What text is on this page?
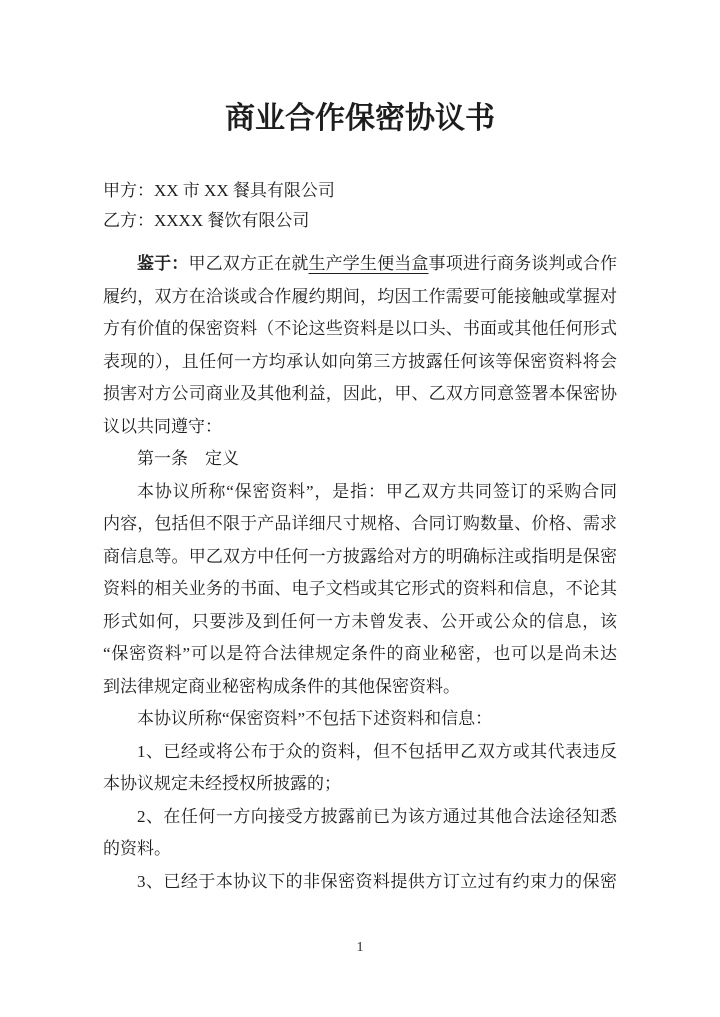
商业合作保密协议书
甲方：XX 市 XX 餐具有限公司
乙方：XXXX 餐饮有限公司
鉴于：甲乙双方正在就生产学生便当盒事项进行商务谈判或合作
履约，双方在洽谈或合作履约期间，均因工作需要可能接触或掌握对
方有价值的保密资料（不论这些资料是以口头、书面或其他任何形式
表现的），且任何一方均承认如向第三方披露任何该等保密资料将会
损害对方公司商业及其他利益，因此，甲、乙双方同意签署本保密协
议以共同遵守：
第一条　定义
本协议所称“保密资料”，是指：甲乙双方共同签订的采购合同
内容，包括但不限于产品详细尺寸规格、合同订购数量、价格、需求
商信息等。甲乙双方中任何一方披露给对方的明确标注或指明是保密
资料的相关业务的书面、电子文档或其它形式的资料和信息，不论其
形式如何，只要涉及到任何一方未曾发表、公开或公众的信息，该
“保密资料”可以是符合法律规定条件的商业秘密，也可以是尚未达
到法律规定商业秘密构成条件的其他保密资料。
本协议所称“保密资料”不包括下述资料和信息：
1、已经或将公布于众的资料，但不包括甲乙双方或其代表违反
本协议规定未经授权所披露的；
2、在任何一方向接受方披露前已为该方通过其他合法途径知悉
的资料。
3、已经于本协议下的非保密资料提供方订立过有约束力的保密
1
